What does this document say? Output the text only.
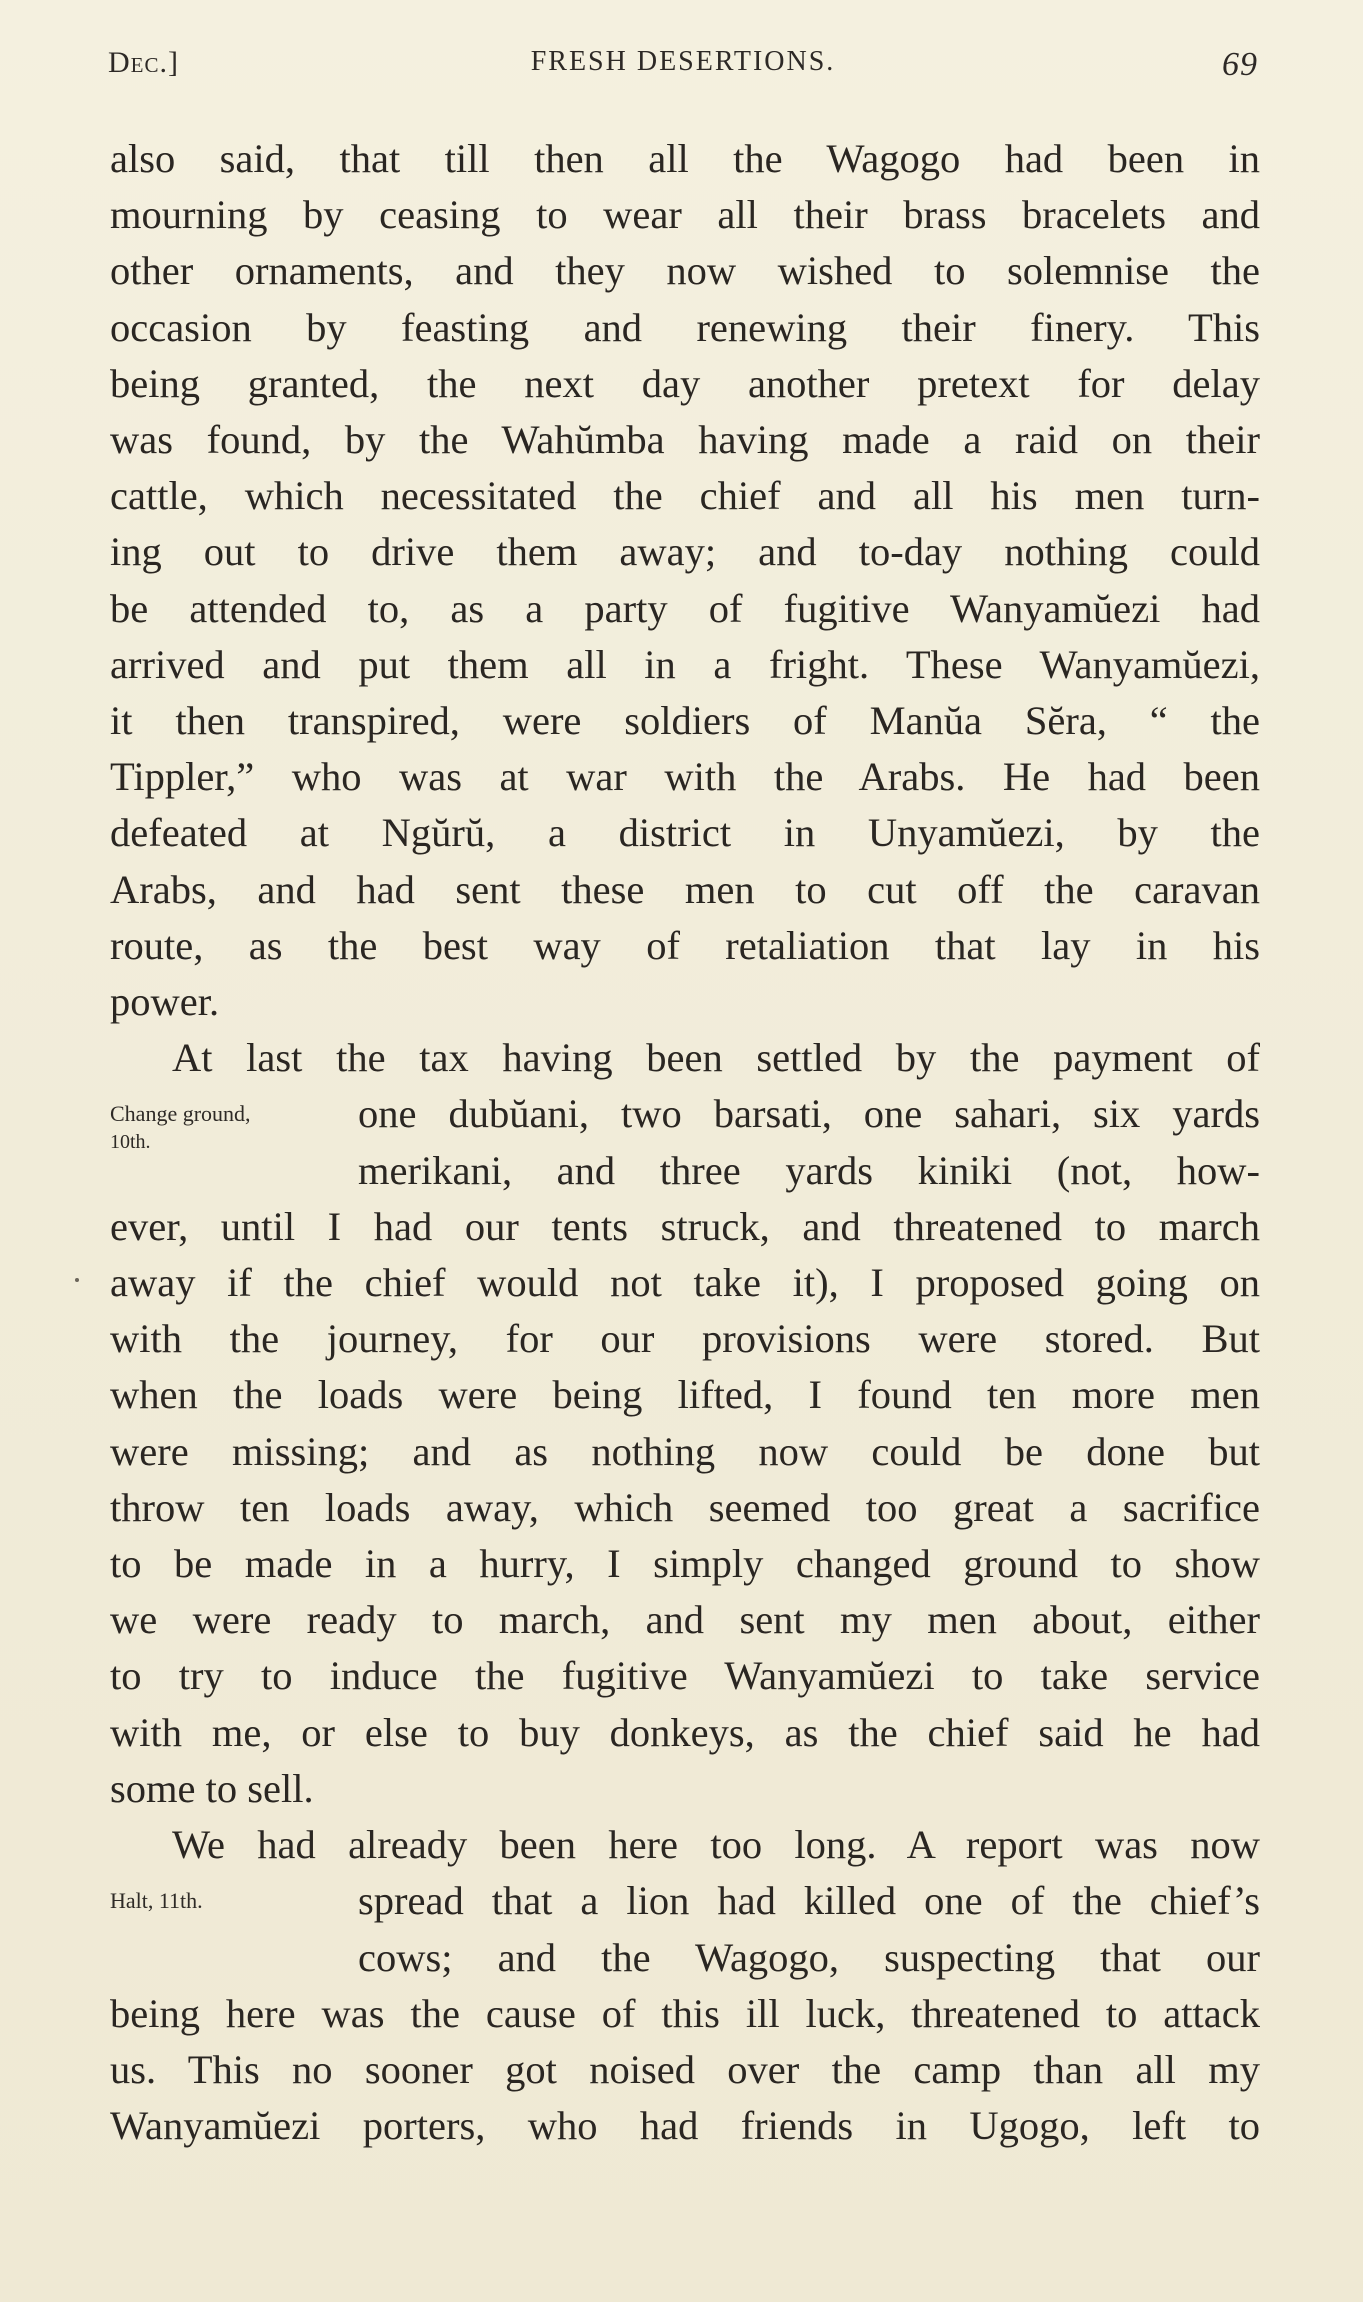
Dec.]	FRESH DESERTIONS.	69
also said, that till then all the Wagogo had been in
mourning by ceasing to wear all their brass bracelets and
other ornaments, and they now wished to solemnise the
occasion by feasting and renewing their finery. This
being granted, the next day another pretext for delay
was found, by the Wahŭmba having made a raid on their
cattle, which necessitated the chief and all his men turn-
ing out to drive them away; and to-day nothing could
be attended to, as a party of fugitive Wanyamŭezi had
arrived and put them all in a fright. These Wanyamŭezi,
it then transpired, were soldiers of Manŭa Sĕra, “ the
Tippler,” who was at war with the Arabs. He had been
defeated at Ngŭrŭ, a district in Unyamŭezi, by the
Arabs, and had sent these men to cut off the caravan
route, as the best way of retaliation that lay in his
power.
At last the tax having been settled by the payment of
Change ground,
10th.
one dubŭani, two barsati, one sahari, six yards
merikani, and three yards kiniki (not, how-
ever, until I had our tents struck, and threatened to march
away if the chief would not take it), I proposed going on
with the journey, for our provisions were stored. But
when the loads were being lifted, I found ten more men
were missing; and as nothing now could be done but
throw ten loads away, which seemed too great a sacrifice
to be made in a hurry, I simply changed ground to show
we were ready to march, and sent my men about, either
to try to induce the fugitive Wanyamŭezi to take service
with me, or else to buy donkeys, as the chief said he had
some to sell.
We had already been here too long. A report was now
Halt, 11th.	spread that a lion had killed one of the chief’s
cows; and the Wagogo, suspecting that our
being here was the cause of this ill luck, threatened to attack
us. This no sooner got noised over the camp than all my
Wanyamŭezi porters, who had friends in Ugogo, left to
